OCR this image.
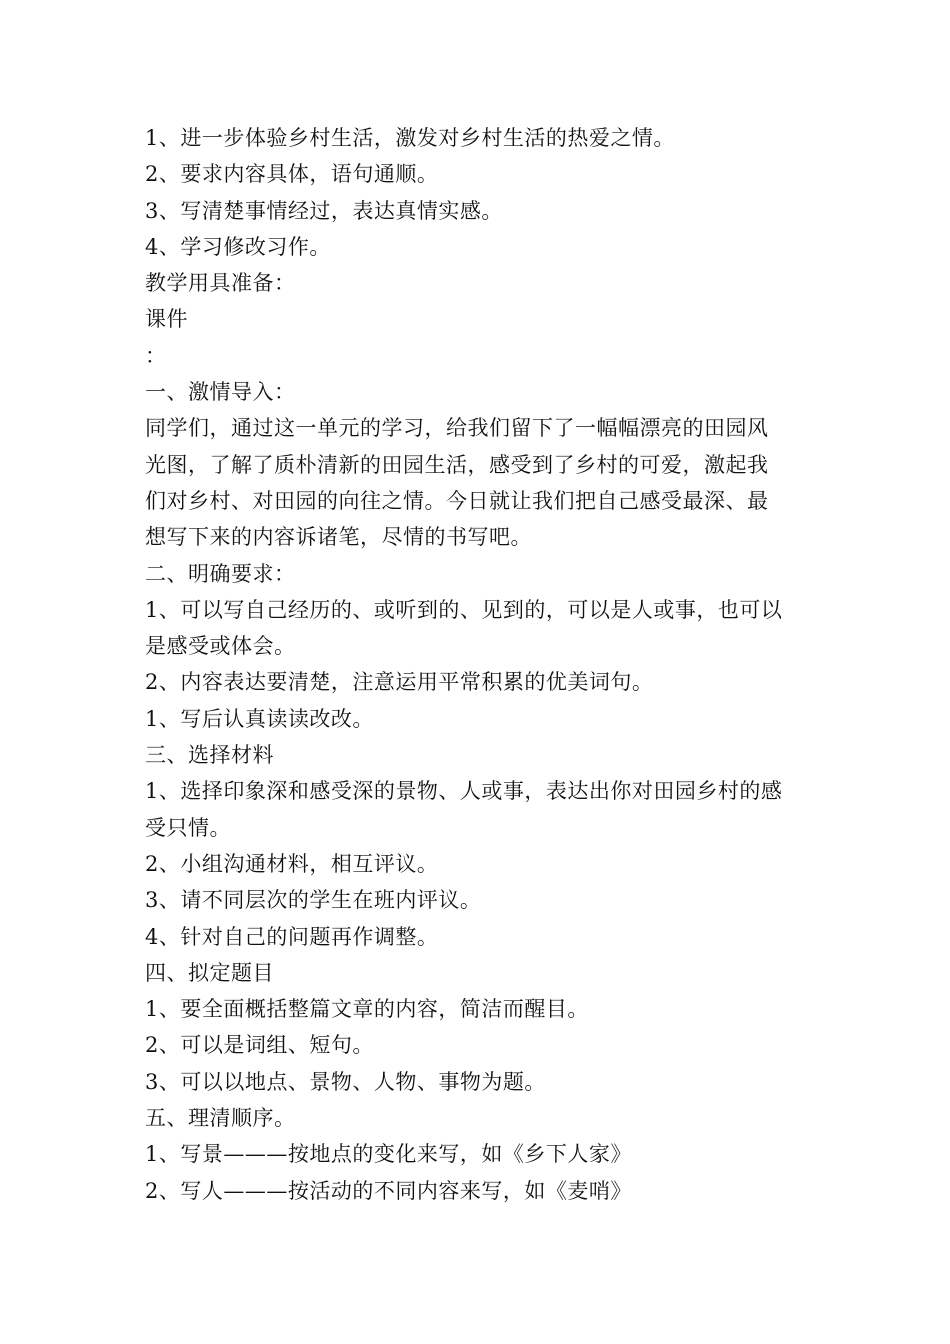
1、进一步体验乡村生活，激发对乡村生活的热爱之情。
2、要求内容具体，语句通顺。
3、写清楚事情经过，表达真情实感。
4、学习修改习作。
教学用具准备：
课件
：
一、激情导入：
同学们，通过这一单元的学习，给我们留下了一幅幅漂亮的田园风
光图，了解了质朴清新的田园生活，感受到了乡村的可爱，激起我
们对乡村、对田园的向往之情。今日就让我们把自己感受最深、最
想写下来的内容诉诸笔，尽情的书写吧。
二、明确要求：
1、可以写自己经历的、或听到的、见到的，可以是人或事，也可以
是感受或体会。
2、内容表达要清楚，注意运用平常积累的优美词句。
1、写后认真读读改改。
三、选择材料
1、选择印象深和感受深的景物、人或事，表达出你对田园乡村的感
受只情。
2、小组沟通材料，相互评议。
3、请不同层次的学生在班内评议。
4、针对自己的问题再作调整。
四、拟定题目
1、要全面概括整篇文章的内容，简洁而醒目。
2、可以是词组、短句。
3、可以以地点、景物、人物、事物为题。
五、理清顺序。
1、写景———按地点的变化来写，如《乡下人家》
2、写人———按活动的不同内容来写，如《麦哨》
